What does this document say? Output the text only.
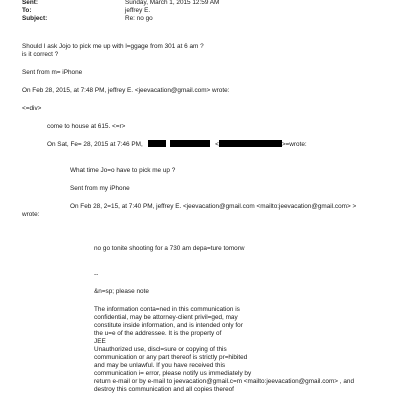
Sent:	Sunday, March 1, 2015 12:59 AM
To:	jeffrey E.
Subject:	Re: no go
Should I ask Jojo to pick me up with l=ggage from 301 at 6 am ?
is it correct ?
Sent from m= iPhone
On Feb 28, 2015, at 7:48 PM, jeffrey E. <jeevacation@gmail.com> wrote:
<=div>
come to house at 615. <=r>
On Sat, Fe= 28, 2015 at 7:46 PM,	<	>=wrote:
What time Jo=o have to pick me up ?
Sent from my iPhone
On Feb 28, 2=15, at 7:40 PM, jeffrey E. <jeevacation@gmail.com <mailto:jeevacation@gmail.com> >
wrote:
no go tonite shooting for a 730 am depa=ture tomorw
--
&n=sp; please note
The information conta=ned in this communication is
confidential, may be attorney-client privil=ged, may
constitute inside information, and is intended only for
the u=e of the addressee. It is the property of
JEE
Unauthorized use, discl=sure or copying of this
communication or any part thereof is strictly pr=hibited
and may be unlawful. If you have received this
communication i= error, please notify us immediately by
return e-mail or by e-mail to jeevacation@gmail.c=m <mailto:jeevacation@gmail.com> , and
destroy this communication and all copies thereof
